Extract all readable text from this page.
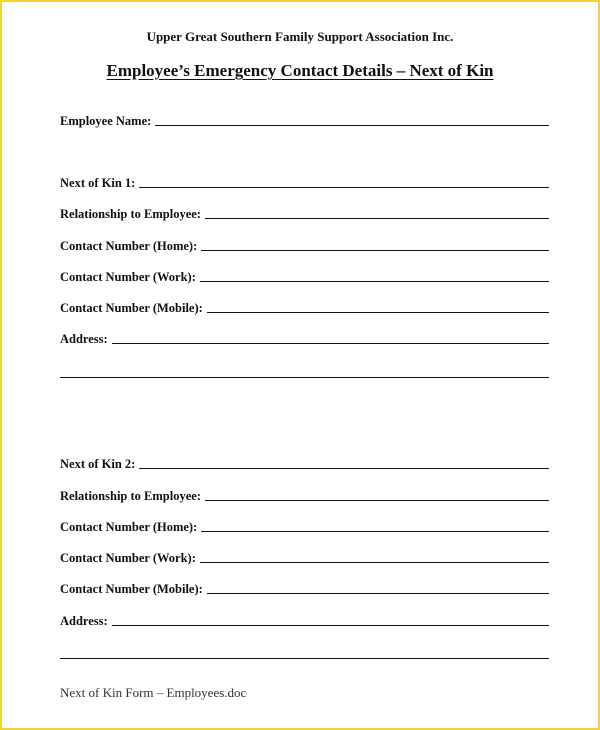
Upper Great Southern Family Support Association Inc.
Employee’s Emergency Contact Details – Next of Kin
Employee Name:
Next of Kin 1:
Relationship to Employee:
Contact Number (Home):
Contact Number (Work):
Contact Number (Mobile):
Address:
Next of Kin 2:
Relationship to Employee:
Contact Number (Home):
Contact Number (Work):
Contact Number (Mobile):
Address:
Next of Kin Form – Employees.doc
